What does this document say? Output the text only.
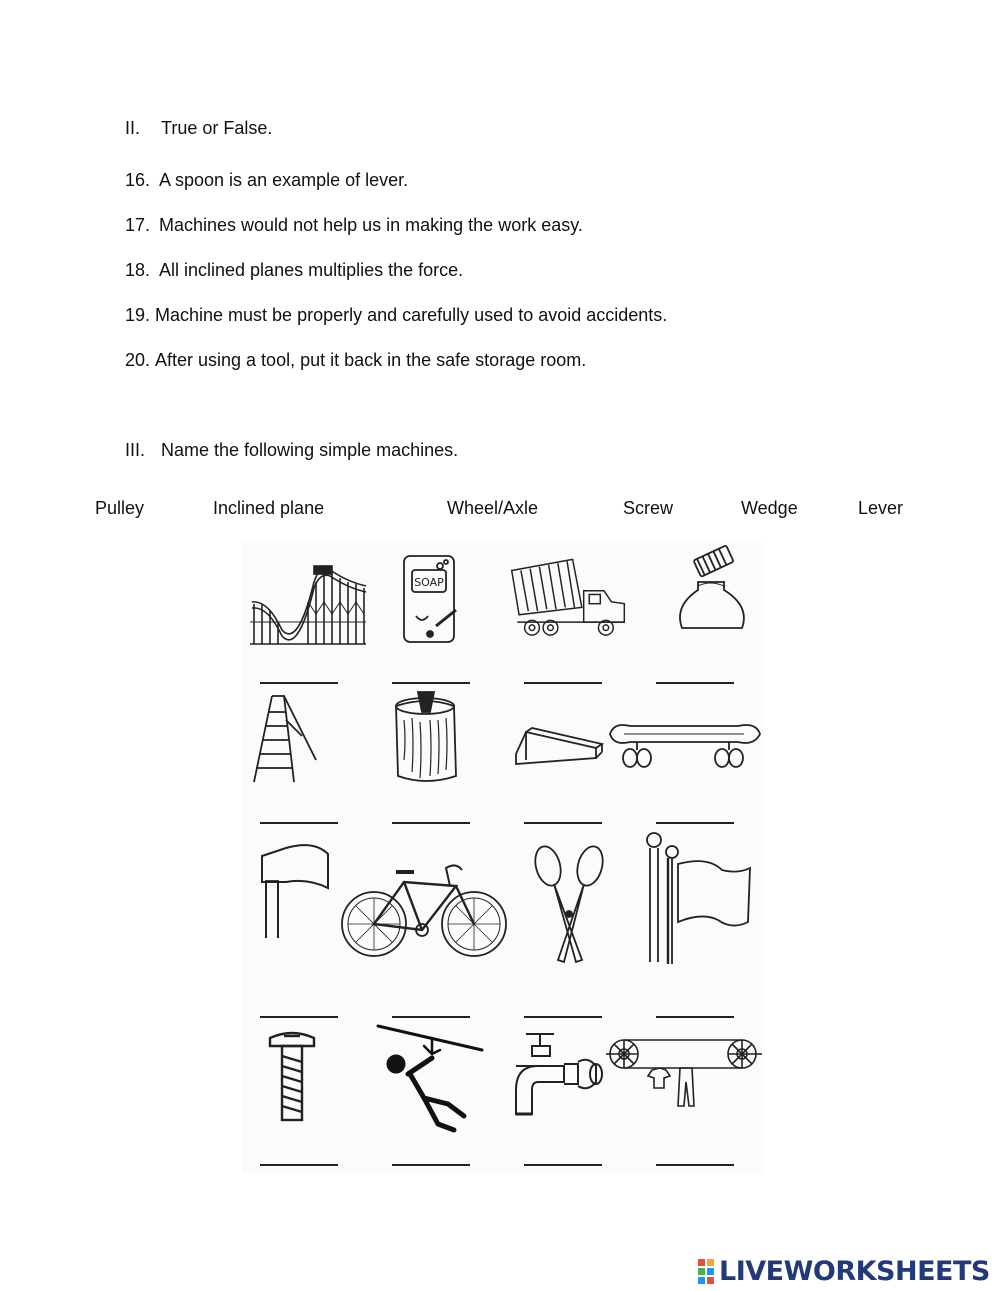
II. True or False.
16. A spoon is an example of lever.
17. Machines would not help us in making the work easy.
18. All inclined planes multiplies the force.
19. Machine must be properly and carefully used to avoid accidents.
20. After using a tool, put it back in the safe storage room.
III. Name the following simple machines.
Pulley	Inclined plane	Wheel/Axle	Screw	Wedge	Lever
SOAP
LIVEWORKSHEETS
